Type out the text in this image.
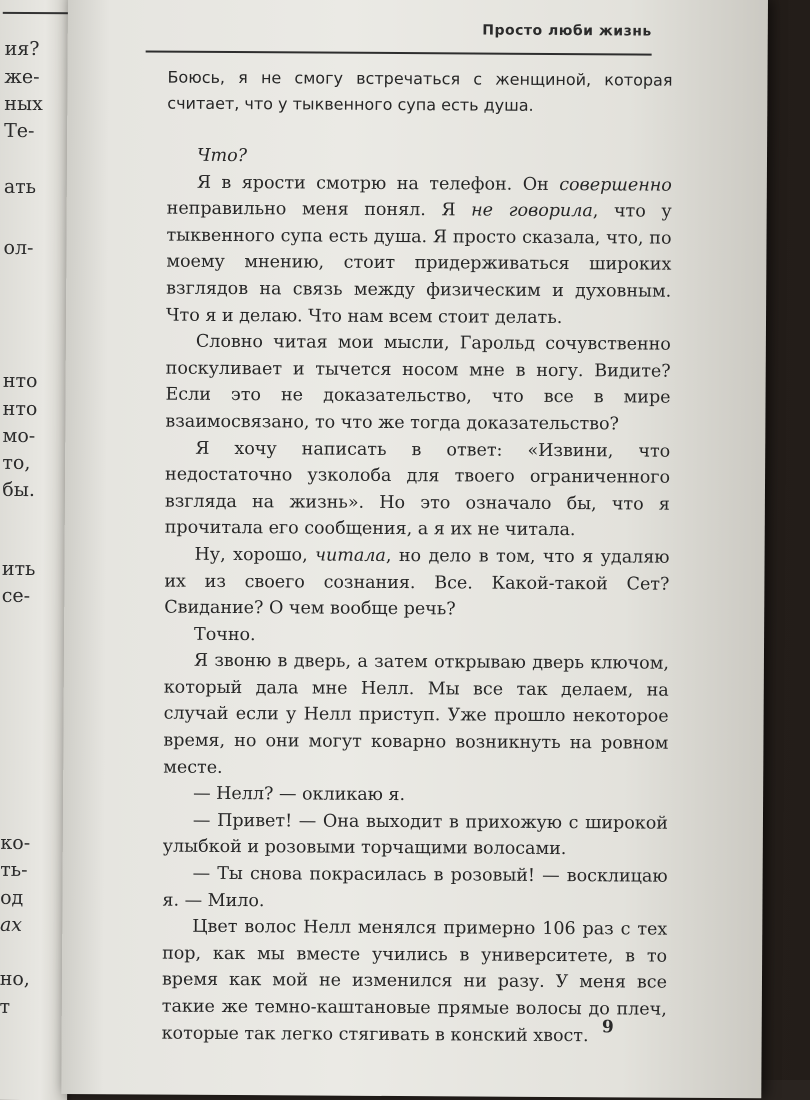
ия?
же-
ных
Те-
ать
ол-
нто
нто
мо-
то,
бы.
ить
се-
ко-
ть-
од
ах
но,
т
Просто люби жизнь

Боюсь, я не смогу встречаться с женщиной, которая считает, что у тыквенного супа есть душа.

Что?

Я в ярости смотрю на телефон. Он совершенно неправильно меня понял. Я не говорила, что у тыквенного супа есть душа. Я просто сказала, что, по моему мнению, стоит придерживаться широких взглядов на связь между физическим и духовным. Что я и делаю. Что нам всем стоит делать.

Словно читая мои мысли, Гарольд сочувственно поскуливает и тычется носом мне в ногу. Видите? Если это не доказательство, что все в мире взаимосвязано, то что же тогда доказательство?

Я хочу написать в ответ: «Извини, что недостаточно узколоба для твоего ограниченного взгляда на жизнь». Но это означало бы, что я прочитала его сообщения, а я их не читала.

Ну, хорошо, читала, но дело в том, что я удаляю их из своего сознания. Все. Какой-такой Сет? Свидание? О чем вообще речь?

Точно.

Я звоню в дверь, а затем открываю дверь ключом, который дала мне Нелл. Мы все так делаем, на случай если у Нелл приступ. Уже прошло некоторое время, но они могут коварно возникнуть на ровном месте.

— Нелл? — окликаю я.

— Привет! — Она выходит в прихожую с широкой улыбкой и розовыми торчащими волосами.

— Ты снова покрасилась в розовый! — восклицаю я. — Мило.

Цвет волос Нелл менялся примерно 106 раз с тех пор, как мы вместе учились в университете, в то время как мой не изменился ни разу. У меня все такие же темно-каштановые прямые волосы до плеч, которые так легко стягивать в конский хвост. 9
